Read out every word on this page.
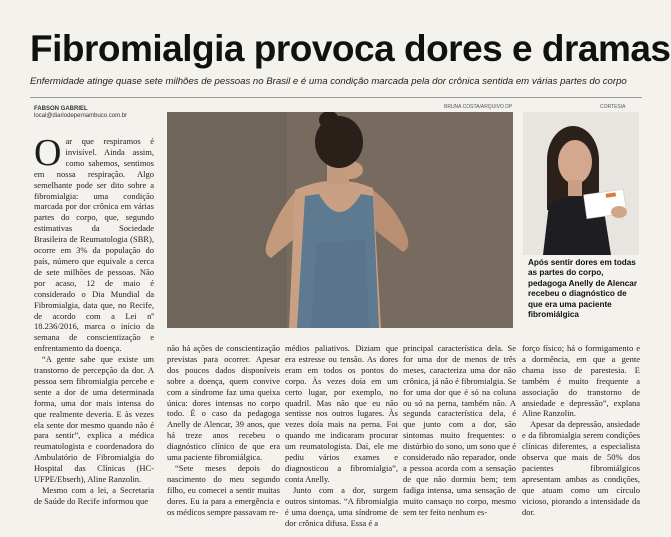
Fibromialgia provoca dores e dramas
Enfermidade atinge quase sete milhões de pessoas no Brasil e é uma condição marcada pela dor crônica sentida em várias partes do corpo
FABSON GABRIEL
local@diariodepernambuco.com.br
BRUNA COSTA/ARQUIVO DP	CORTESIA
Após sentir dores em todas as partes do corpo, pedagoga Anelly de Alencar recebeu o diagnóstico de que era uma paciente fibromiálgica

Oar que respiramos é invisível. Ainda assim, como sabemos, sentimos em nossa respiração. Algo semelhante pode ser dito sobre a fibromialgia: uma condição marcada por dor crônica em várias partes do corpo, que, segundo estimativas da Sociedade Brasileira de Reumatologia (SBR), ocorre em 3% da população do país, número que equivale a cerca de sete milhões de pessoas. Não por acaso, 12 de maio é considerado o Dia Mundial da Fibromialgia, data que, no Recife, de acordo com a Lei nº 18.236/2016, marca o início da semana de conscientização e enfrentamento da doença.

“A gente sabe que existe um transtorno de percepção da dor. A pessoa sem fibromialgia percebe e sente a dor de uma determinada forma, uma dor mais intensa do que realmente deveria. E às vezes ela sente dor mesmo quando não é para sentir”, explica a médica reumatologista e coordenadora do Ambulatório de Fibromialgia do Hospital das Clínicas (HC-UFPE/Ebserh), Aline Ranzolin.

Mesmo com a lei, a Secretaria de Saúde do Recife informou que

não há ações de conscientização previstas para ocorrer. Apesar dos poucos dados disponíveis sobre a doença, quem convive com a síndrome faz uma queixa única: dores intensas no corpo todo. É o caso da pedagoga Anelly de Alencar, 39 anos, que há treze anos recebeu o diagnóstico clínico de que era uma paciente fibromiálgica.

“Sete meses depois do nascimento do meu segundo filho, eu comecei a sentir muitas dores. Eu ia para a emergência e os médicos sempre passavam re-

médios paliativos. Diziam que era estresse ou tensão. As dores eram em todos os pontos do corpo. Às vezes doía em um certo lugar, por exemplo, no quadril. Mas não que eu não sentisse nos outros lugares. Às vezes doía mais na perna. Foi quando me indicaram procurar um reumatologista. Daí, ele me pediu vários exames e diagnosticou a fibromialgia”, conta Anelly.

Junto com a dor, surgem outros sintomas. “A fibromialgia é uma doença, uma síndrome de dor crônica difusa. Essa é a

principal característica dela. Se for uma dor de menos de três meses, caracteriza uma dor não crônica, já não é fibromialgia. Se for uma dor que é só na coluna ou só na perna, também não. A segunda característica dela, é que junto com a dor, são sintomas muito frequentes: o distúrbio do sono, um sono que é considerado não reparador, onde a pessoa acorda com a sensação de que não dormiu bem; tem fadiga intensa, uma sensação de muito cansaço no corpo, mesmo sem ter feito nenhum es-

forço físico; há o formigamento e a dormência, em que a gente chama isso de parestesia. E também é muito frequente a associação do transtorno de ansiedade e depressão”, explana Aline Ranzolin.

Apesar da depressão, ansiedade e da fibromialgia serem condições clínicas diferentes, a especialista observa que mais de 50% dos pacientes fibromiálgicos apresentam ambas as condições, que atuam como um círculo vicioso, piorando a intensidade da dor.
